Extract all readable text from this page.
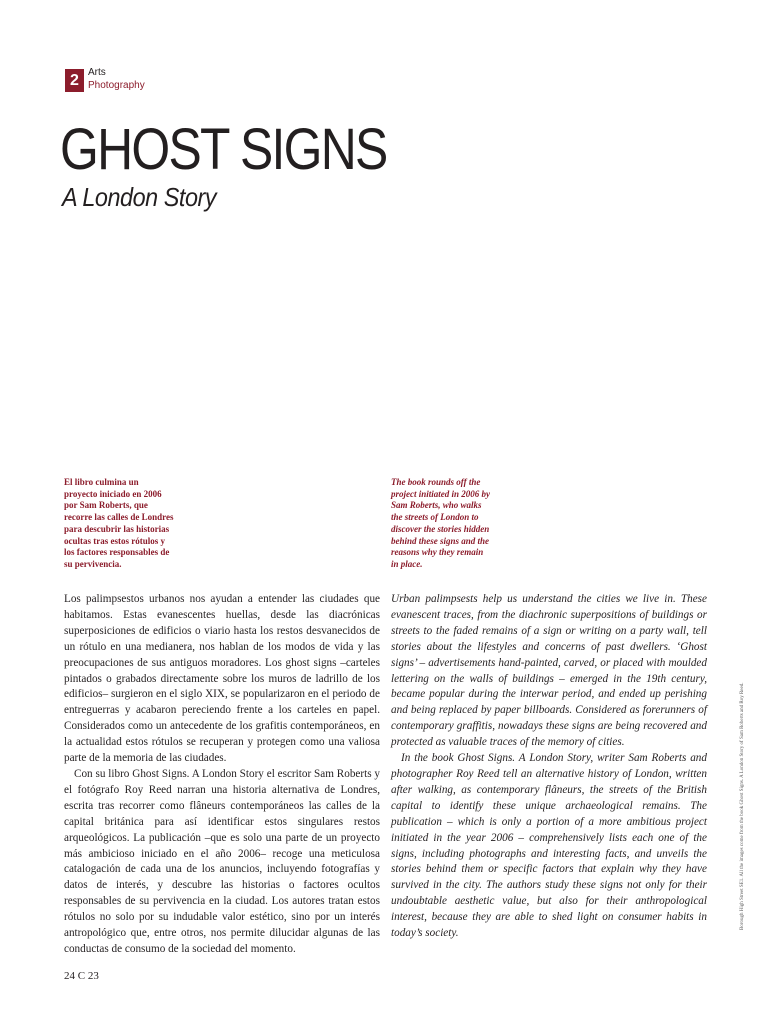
2 Arts
Photography
GHOST SIGNS
A London Story
El libro culmina un proyecto iniciado en 2006 por Sam Roberts, que recorre las calles de Londres para descubrir las historias ocultas tras estos rótulos y los factores responsables de su pervivencia.
The book rounds off the project initiated in 2006 by Sam Roberts, who walks the streets of London to discover the stories hidden behind these signs and the reasons why they remain in place.

Los palimpsestos urbanos nos ayudan a entender las ciudades que habitamos. Estas evanescentes huellas, desde las diacrónicas superposiciones de edificios o viario hasta los restos desvanecidos de un rótulo en una medianera, nos hablan de los modos de vida y las preocupaciones de sus antiguos moradores. Los ghost signs –carteles pintados o grabados directamente sobre los muros de ladrillo de los edificios– surgieron en el siglo XIX, se popularizaron en el periodo de entreguerras y acabaron pereciendo frente a los carteles en papel. Considerados como un antecedente de los grafitis contemporáneos, en la actualidad estos rótulos se recuperan y protegen como una valiosa parte de la memoria de las ciudades.

Con su libro Ghost Signs. A London Story el escritor Sam Roberts y el fotógrafo Roy Reed narran una historia alternativa de Londres, escrita tras recorrer como flâneurs contemporáneos las calles de la capital británica para así identificar estos singulares restos arqueológicos. La publicación –que es solo una parte de un proyecto más ambicioso iniciado en el año 2006– recoge una meticulosa catalogación de cada una de los anuncios, incluyendo fotografías y datos de interés, y descubre las historias o factores ocultos responsables de su pervivencia en la ciudad. Los autores tratan estos rótulos no solo por su indudable valor estético, sino por un interés antropológico que, entre otros, nos permite dilucidar algunas de las conductas de consumo de la sociedad del momento.

Urban palimpsests help us understand the cities we live in. These evanescent traces, from the diachronic superpositions of buildings or streets to the faded remains of a sign or writing on a party wall, tell stories about the lifestyles and concerns of past dwellers. ‘Ghost signs’ – advertisements hand-painted, carved, or placed with moulded lettering on the walls of buildings – emerged in the 19th century, became popular during the interwar period, and ended up perishing and being replaced by paper billboards. Considered as forerunners of contemporary graffitis, nowadays these signs are being recovered and protected as valuable traces of the memory of cities.

In the book Ghost Signs. A London Story, writer Sam Roberts and photographer Roy Reed tell an alternative history of London, written after walking, as contemporary flâneurs, the streets of the British capital to identify these unique archaeological remains. The publication – which is only a portion of a more ambitious project initiated in the year 2006 – comprehensively lists each one of the signs, including photographs and interesting facts, and unveils the stories behind them or specific factors that explain why they have survived in the city. The authors study these signs not only for their undoubtable aesthetic value, but also for their anthropological interest, because they are able to shed light on consumer habits in today’s society.

Borough High Street SE1. All the images come from the book Ghost Signs. A London Story of Sam Roberts and Roy Reed.
24 C 23
